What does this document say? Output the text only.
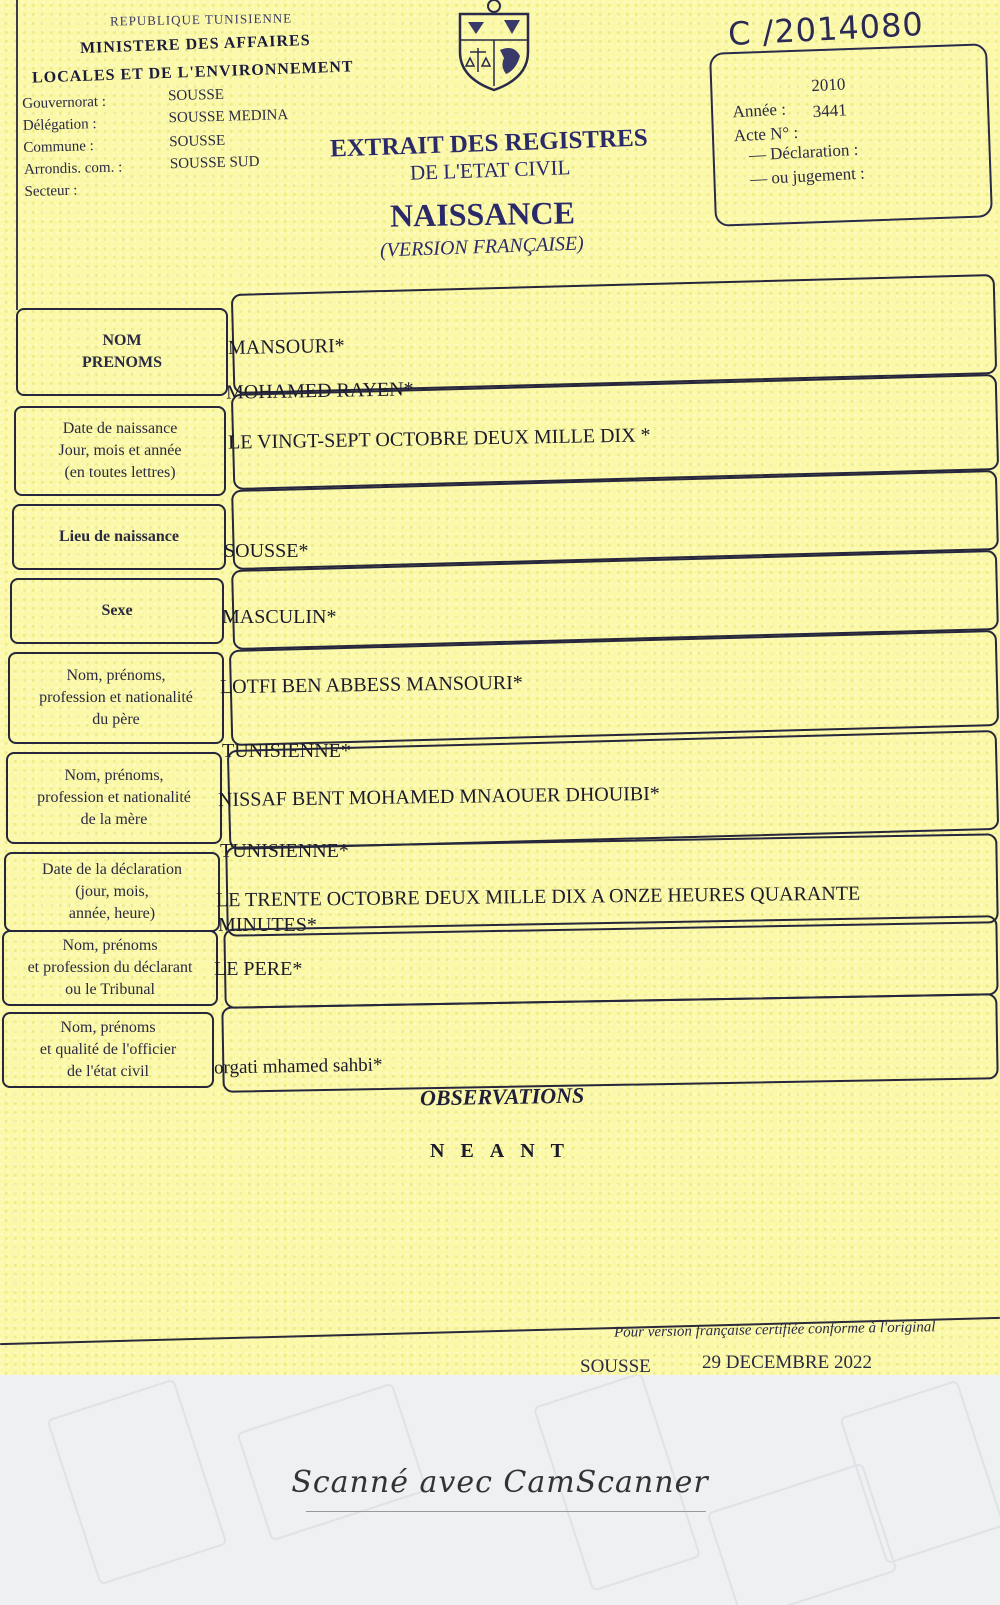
REPUBLIQUE TUNISIENNE
MINISTERE DES AFFAIRES
LOCALES ET DE L'ENVIRONNEMENT
Gouvernorat :	SOUSSE
Délégation :	SOUSSE MEDINA
Commune :	SOUSSE
Arrondis. com. :	SOUSSE SUD
Secteur :
EXTRAIT DES REGISTRES
DE L'ETAT CIVIL
NAISSANCE
(VERSION FRANÇAISE)
C /2014080
Année :
2010
Acte N° :
3441
— Déclaration :
— ou jugement :
NOM
PRENOMS
MANSOURI*
MOHAMED RAYEN*
Date de naissance
Jour, mois et année
(en toutes lettres)
LE VINGT-SEPT OCTOBRE DEUX MILLE DIX *
Lieu de naissance
SOUSSE*
Sexe	MASCULIN*
Nom, prénoms,
profession et nationalité
du père
LOTFI BEN ABBESS MANSOURI*
TUNISIENNE*
Nom, prénoms,
profession et nationalité
de la mère
NISSAF BENT MOHAMED MNAOUER DHOUIBI*
TUNISIENNE*
Date de la déclaration
(jour, mois,
année, heure)
LE TRENTE OCTOBRE DEUX MILLE DIX A ONZE HEURES QUARANTE
MINUTES*
Nom, prénoms
et profession du déclarant
ou le Tribunal
LE PERE*
Nom, prénoms
et qualité de l'officier
de l'état civil	orgati mhamed sahbi*
OBSERVATIONS
NEANT
Pour version française certifiée conforme à l'original
SOUSSE	29 DECEMBRE 2022
Scanné avec CamScanner
